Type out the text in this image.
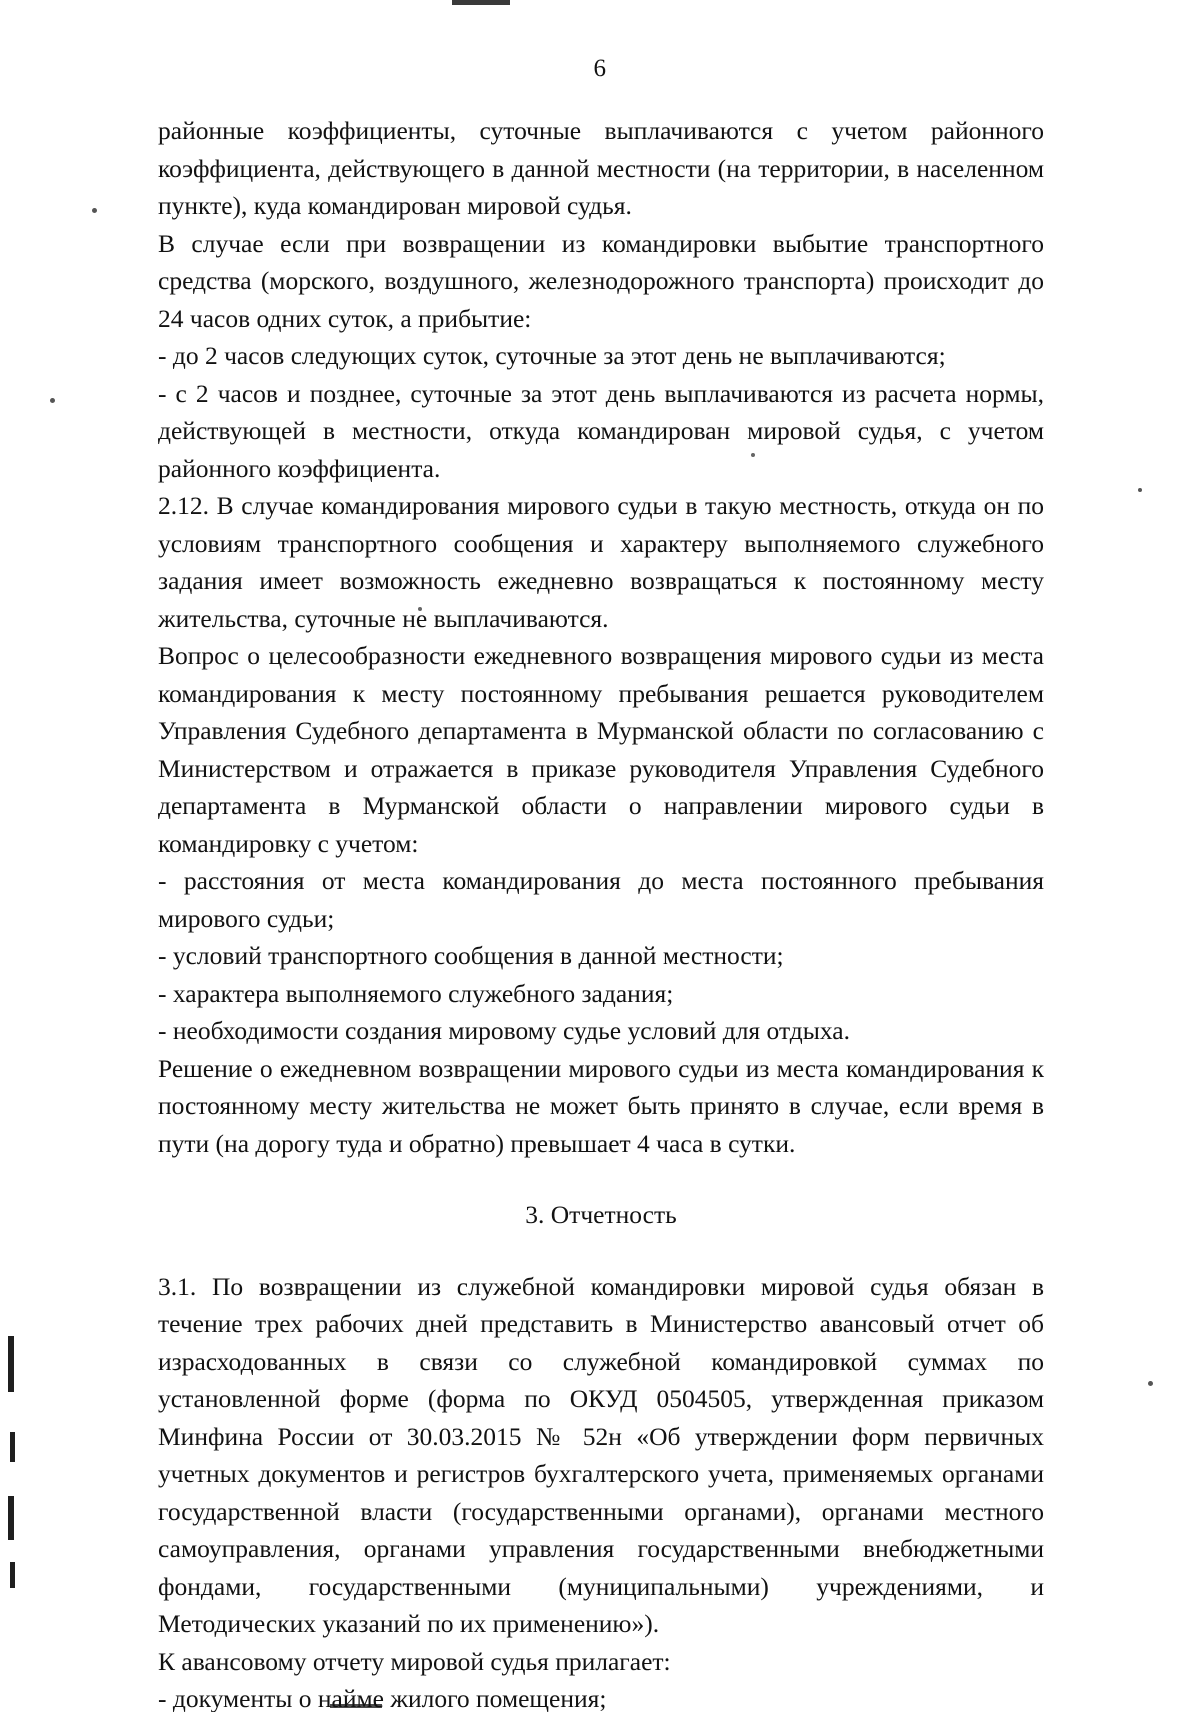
6

районные коэффициенты, суточные выплачиваются с учетом районного коэффициента, действующего в данной местности (на территории, в населенном пункте), куда командирован мировой судья.

В случае если при возвращении из командировки выбытие транспортного средства (морского, воздушного, железнодорожного транспорта) происходит до 24 часов одних суток, а прибытие:

- до 2 часов следующих суток, суточные за этот день не выплачиваются;

- с 2 часов и позднее, суточные за этот день выплачиваются из расчета нормы, действующей в местности, откуда командирован мировой судья, с учетом районного коэффициента.

2.12. В случае командирования мирового судьи в такую местность, откуда он по условиям транспортного сообщения и характеру выполняемого служебного задания имеет возможность ежедневно возвращаться к постоянному месту жительства, суточные не выплачиваются.

Вопрос о целесообразности ежедневного возвращения мирового судьи из места командирования к месту постоянному пребывания решается руководителем Управления Судебного департамента в Мурманской области по согласованию с Министерством и отражается в приказе руководителя Управления Судебного департамента в Мурманской области о направлении мирового судьи в командировку с учетом:

- расстояния от места командирования до места постоянного пребывания мирового судьи;

- условий транспортного сообщения в данной местности;

- характера выполняемого служебного задания;

- необходимости создания мировому судье условий для отдыха.

Решение о ежедневном возвращении мирового судьи из места командирования к постоянному месту жительства не может быть принято в случае, если время в пути (на дорогу туда и обратно) превышает 4 часа в сутки.

3. Отчетность

3.1. По возвращении из служебной командировки мировой судья обязан в течение трех рабочих дней представить в Министерство авансовый отчет об израсходованных в связи со служебной командировкой суммах по установленной форме (форма по ОКУД 0504505, утвержденная приказом Минфина России от 30.03.2015 № 52н «Об утверждении форм первичных учетных документов и регистров бухгалтерского учета, применяемых органами государственной власти (государственными органами), органами местного самоуправления, органами управления государственными внебюджетными фондами, государственными (муниципальными) учреждениями, и Методических указаний по их применению»).

К авансовому отчету мировой судья прилагает:

- документы о найме жилого помещения;
